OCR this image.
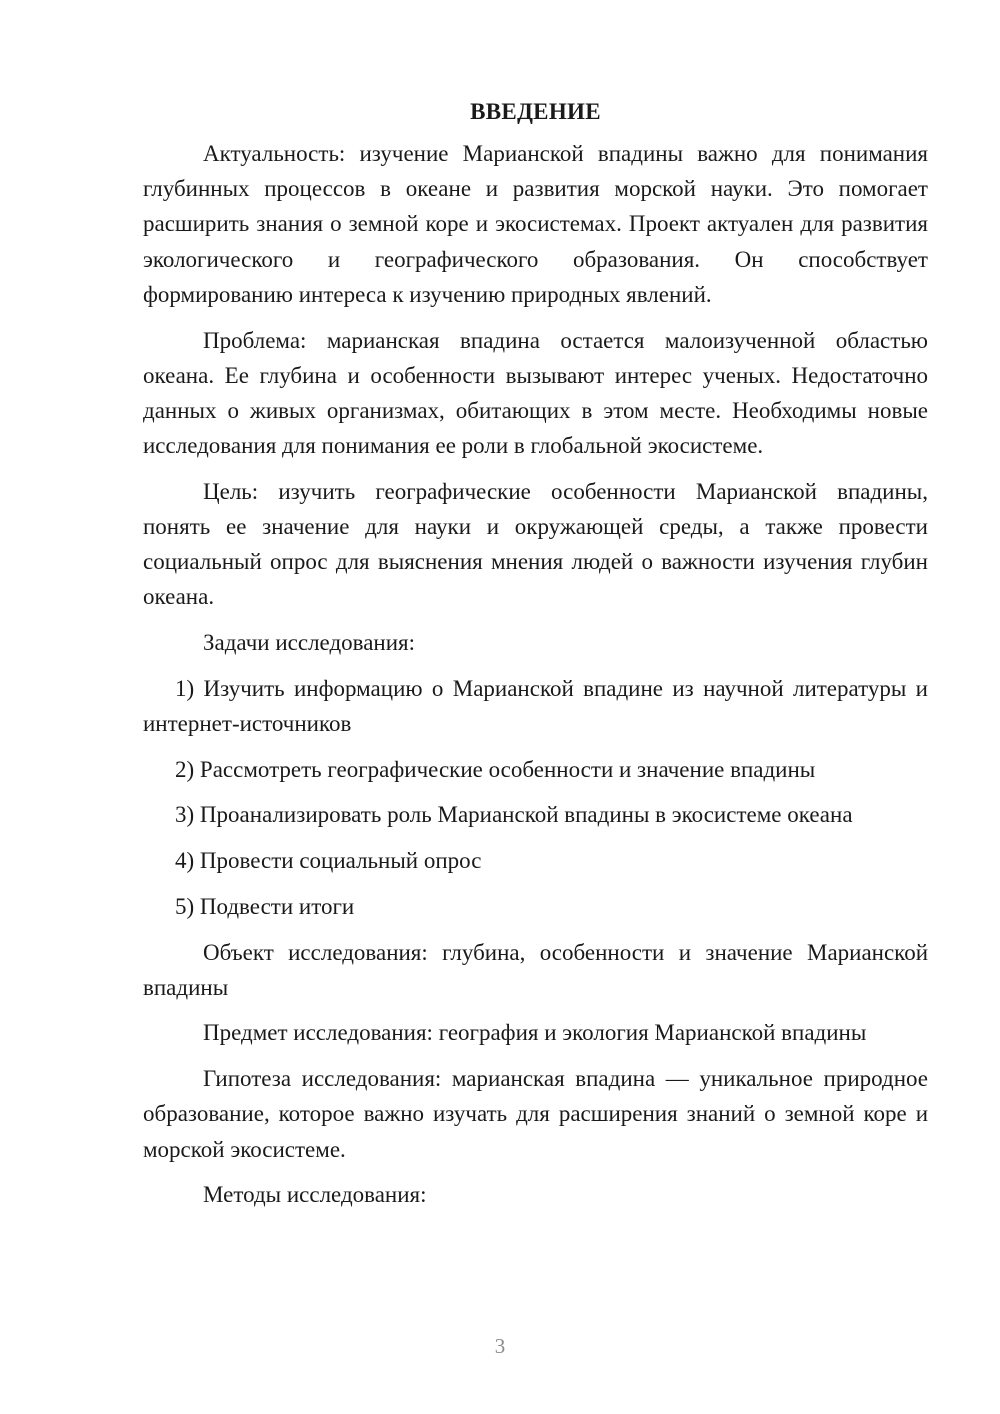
ВВЕДЕНИЕ

Актуальность: изучение Марианской впадины важно для понимания глубинных процессов в океане и развития морской науки. Это помогает расширить знания о земной коре и экосистемах. Проект актуален для развития экологического и географического образования. Он способствует формированию интереса к изучению природных явлений.

Проблема: марианская впадина остается малоизученной областью океана. Ее глубина и особенности вызывают интерес ученых. Недостаточно данных о живых организмах, обитающих в этом месте. Необходимы новые исследования для понимания ее роли в глобальной экосистеме.

Цель: изучить географические особенности Марианской впадины, понять ее значение для науки и окружающей среды, а также провести социальный опрос для выяснения мнения людей о важности изучения глубин океана.

Задачи исследования:

1) Изучить информацию о Марианской впадине из научной литературы и интернет-источников

2) Рассмотреть географические особенности и значение впадины

3) Проанализировать роль Марианской впадины в экосистеме океана

4) Провести социальный опрос

5) Подвести итоги

Объект исследования: глубина, особенности и значение Марианской впадины

Предмет исследования: география и экология Марианской впадины

Гипотеза исследования: марианская впадина — уникальное природное образование, которое важно изучать для расширения знаний о земной коре и морской экосистеме.

Методы исследования:

3
